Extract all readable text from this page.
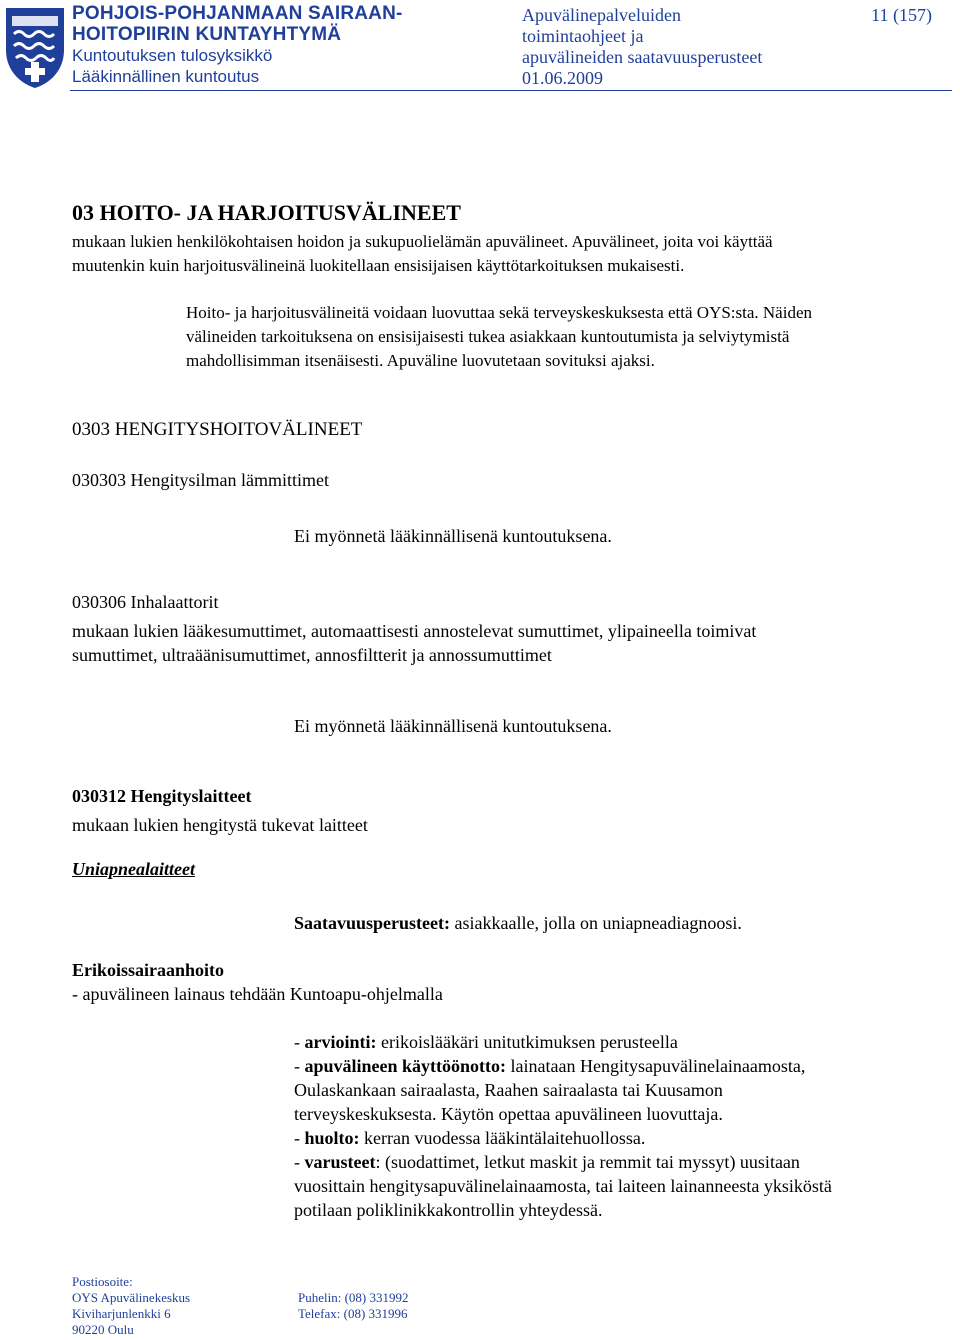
POHJOIS-POHJANMAAN SAIRAAN-
HOITOPIIRIN KUNTAYHTYMÄ
Kuntoutuksen tulosyksikkö
Lääkinnällinen kuntoutus
Apuvälinepalveluiden
toimintaohjeet ja
apuvälineiden saatavuusperusteet
01.06.2009
11 (157)
03 HOITO- JA HARJOITUSVÄLINEET
mukaan lukien henkilökohtaisen hoidon ja sukupuolielämän apuvälineet. Apuvälineet, joita voi käyttää
muutenkin kuin harjoitusvälineinä luokitellaan ensisijaisen käyttötarkoituksen mukaisesti.
Hoito- ja harjoitusvälineitä voidaan luovuttaa sekä terveyskeskuksesta että OYS:sta. Näiden
välineiden tarkoituksena on ensisijaisesti tukea asiakkaan kuntoutumista ja selviytymistä
mahdollisimman itsenäisesti. Apuväline luovutetaan sovituksi ajaksi.
0303 HENGITYSHOITOVÄLINEET
030303 Hengitysilman lämmittimet
Ei myönnetä lääkinnällisenä kuntoutuksena.
030306 Inhalaattorit
mukaan lukien lääkesumuttimet, automaattisesti annostelevat sumuttimet, ylipaineella toimivat
sumuttimet, ultraäänisumuttimet, annosfiltterit ja annossumuttimet
Ei myönnetä lääkinnällisenä kuntoutuksena.
030312 Hengityslaitteet
mukaan lukien hengitystä tukevat laitteet
Uniapnealaitteet
Saatavuusperusteet: asiakkaalle, jolla on uniapneadiagnoosi.
Erikoissairaanhoito
- apuvälineen lainaus tehdään Kuntoapu-ohjelmalla
- arviointi: erikoislääkäri unitutkimuksen perusteella
- apuvälineen käyttöönotto: lainataan Hengitysapuvälinelainaamosta,
Oulaskankaan sairaalasta, Raahen sairaalasta tai Kuusamon
terveyskeskuksesta. Käytön opettaa apuvälineen luovuttaja.
- huolto: kerran vuodessa lääkintälaitehuollossa.
- varusteet: (suodattimet, letkut maskit ja remmit tai myssyt) uusitaan
vuosittain hengitysapuvälinelainaamosta, tai laiteen lainanneesta yksiköstä
potilaan poliklinikkakontrollin yhteydessä.
Postiosoite:
OYS Apuvälinekeskus
Kiviharjunlenkki 6
90220 Oulu
Puhelin: (08) 331992
Telefax: (08) 331996
